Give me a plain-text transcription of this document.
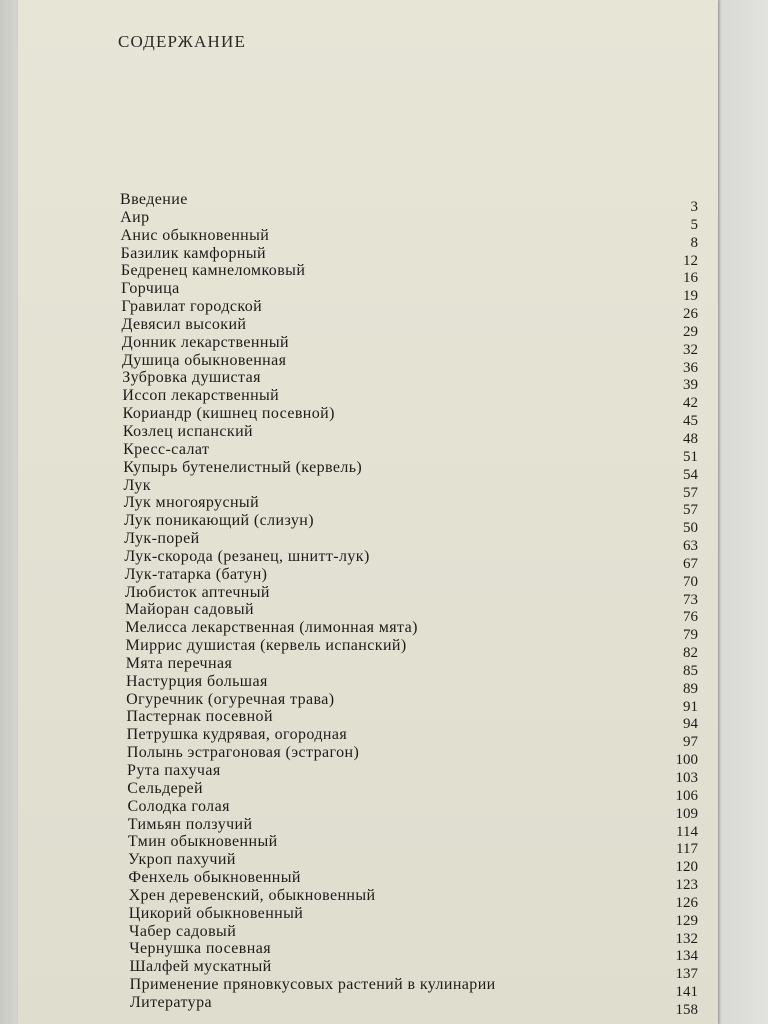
СОДЕРЖАНИЕ
Введение	3
Аир	5
Анис обыкновенный	8
Базилик камфорный	12
Бедренец камнеломковый	16
Горчица	19
Гравилат городской	26
Девясил высокий	29
Донник лекарственный	32
Душица обыкновенная	36
Зубровка душистая	39
Иссоп лекарственный	42
Кориандр (кишнец посевной)	45
Козлец испанский	48
Кресс-салат	51
Купырь бутенелистный (кервель)	54
Лук	57
Лук многоярусный	57
Лук поникающий (слизун)	50
Лук-порей	63
Лук-скорода (резанец, шнитт-лук)	67
Лук-татарка (батун)	70
Любисток аптечный	73
Майоран садовый	76
Мелисса лекарственная (лимонная мята)	79
Миррис душистая (кервель испанский)	82
Мята перечная	85
Настурция большая	89
Огуречник (огуречная трава)	91
Пастернак посевной	94
Петрушка кудрявая, огородная	97
Полынь эстрагоновая (эстрагон)	100
Рута пахучая	103
Сельдерей	106
Солодка голая	109
Тимьян ползучий	114
Тмин обыкновенный	117
Укроп пахучий	120
Фенхель обыкновенный	123
Хрен деревенский, обыкновенный	126
Цикорий обыкновенный	129
Чабер садовый	132
Чернушка посевная	134
Шалфей мускатный	137
Применение пряновкусовых растений в кулинарии	141
Литература	158
